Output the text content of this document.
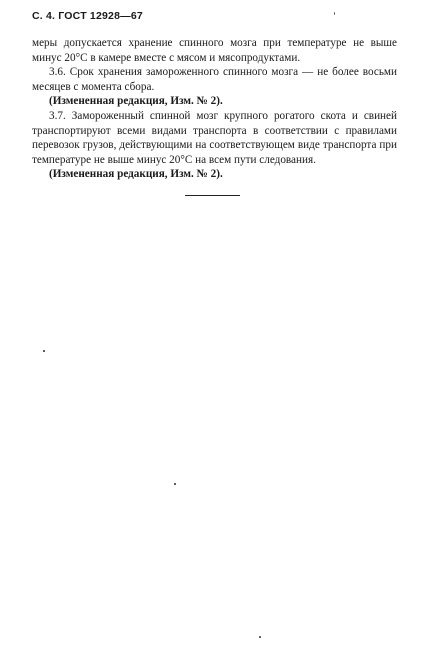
С. 4. ГОСТ 12928—67

меры допускается хранение спинного мозга при температуре не выше минус 20°С в камере вместе с мясом и мясопродуктами.

3.6. Срок хранения замороженного спинного мозга — не более восьми месяцев с момента сбора.

(Измененная редакция, Изм. № 2).

3.7. Замороженный спинной мозг крупного рогатого скота и свиней транспортируют всеми видами транспорта в соответствии с правилами перевозок грузов, действующими на соответствующем виде транспорта при температуре не выше минус 20°С на всем пути следования.

(Измененная редакция, Изм. № 2).
